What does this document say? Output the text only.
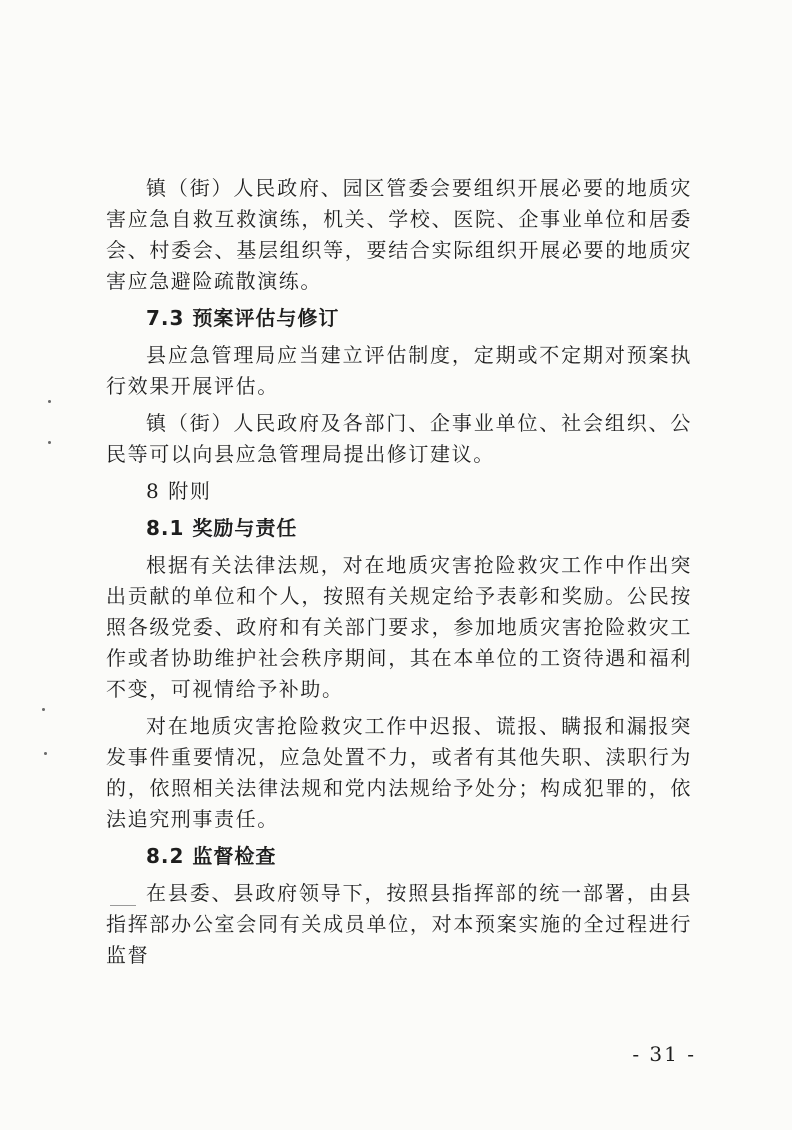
镇（街）人民政府、园区管委会要组织开展必要的地质灾害应急自救互救演练，机关、学校、医院、企事业单位和居委会、村委会、基层组织等，要结合实际组织开展必要的地质灾害应急避险疏散演练。

7.3 预案评估与修订

县应急管理局应当建立评估制度，定期或不定期对预案执行效果开展评估。

镇（街）人民政府及各部门、企事业单位、社会组织、公民等可以向县应急管理局提出修订建议。

8 附则

8.1 奖励与责任

根据有关法律法规，对在地质灾害抢险救灾工作中作出突出贡献的单位和个人，按照有关规定给予表彰和奖励。公民按照各级党委、政府和有关部门要求，参加地质灾害抢险救灾工作或者协助维护社会秩序期间，其在本单位的工资待遇和福利不变，可视情给予补助。

对在地质灾害抢险救灾工作中迟报、谎报、瞒报和漏报突发事件重要情况，应急处置不力，或者有其他失职、渎职行为的，依照相关法律法规和党内法规给予处分；构成犯罪的，依法追究刑事责任。

8.2 监督检查

在县委、县政府领导下，按照县指挥部的统一部署，由县指挥部办公室会同有关成员单位，对本预案实施的全过程进行监督

- 31 -
